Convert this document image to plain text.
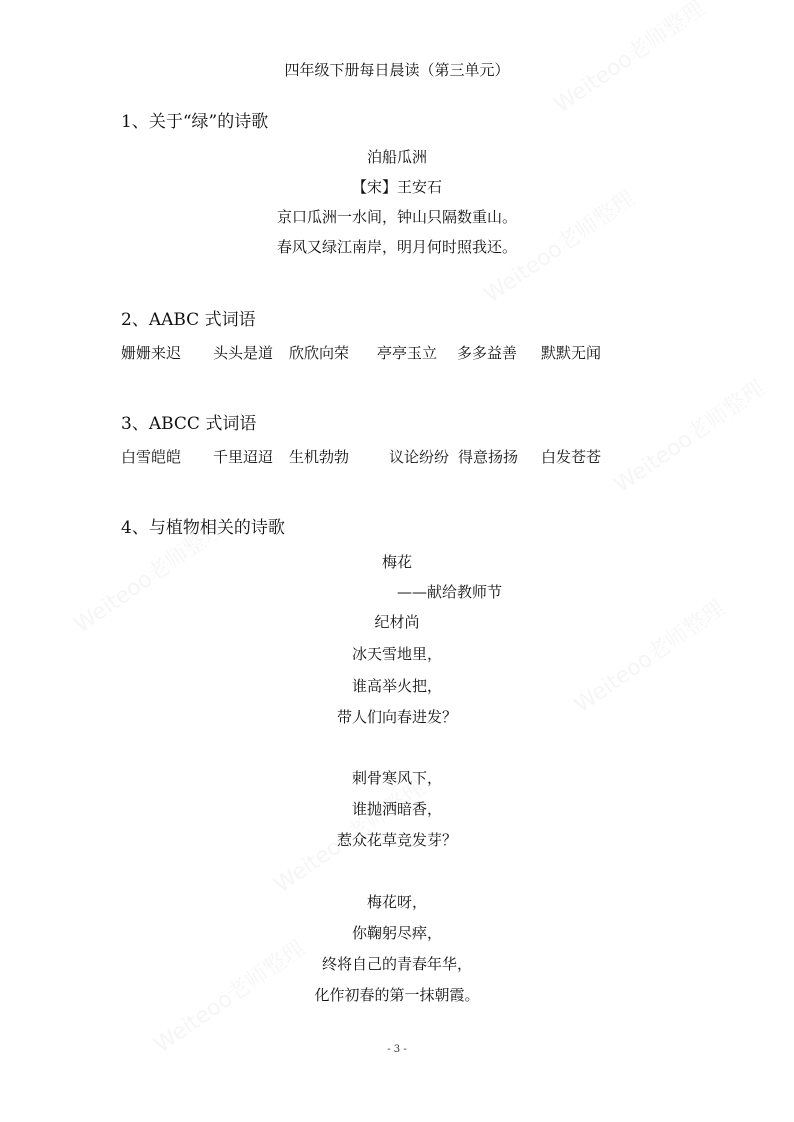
四年级下册每日晨读（第三单元）
1、关于“绿”的诗歌
泊船瓜洲
【宋】王安石
京口瓜洲一水间，钟山只隔数重山。
春风又绿江南岸，明月何时照我还。
2、AABC 式词语
姗姗来迟 头头是道 欣欣向荣 亭亭玉立 多多益善 默默无闻
3、ABCC 式词语
白雪皑皑 千里迢迢 生机勃勃	议论纷纷 得意扬扬 白发苍苍
4、与植物相关的诗歌
梅花
——献给教师节
纪材尚
冰天雪地里，
谁高举火把，
带人们向春进发？
刺骨寒风下，
谁抛洒暗香，
惹众花草竞发芽？
梅花呀，
你鞠躬尽瘁，
终将自己的青春年华，
化作初春的第一抹朝霞。
- 3 -
